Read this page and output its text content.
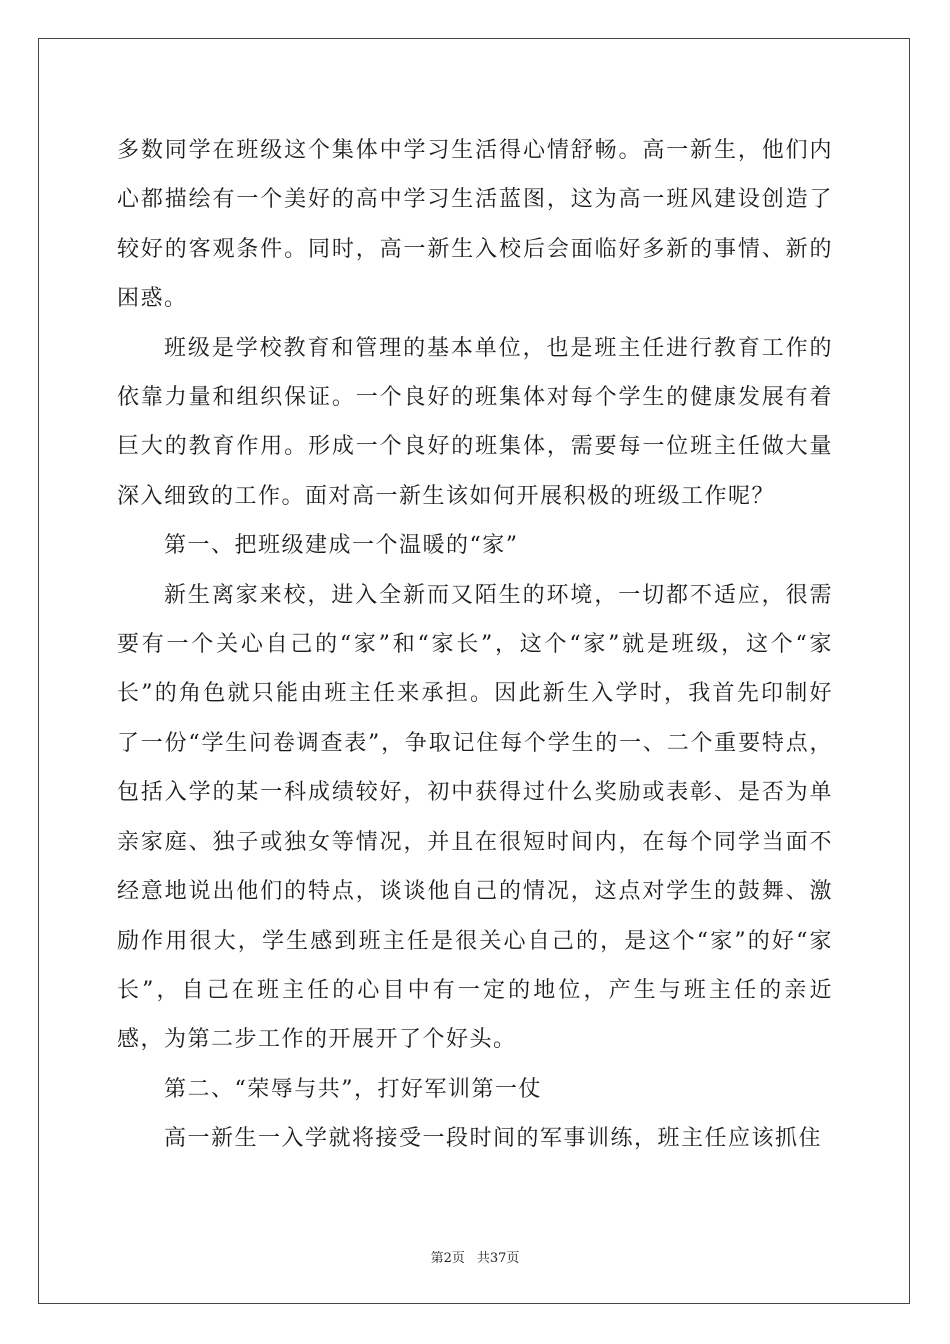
多数同学在班级这个集体中学习生活得心情舒畅。高一新生，他们内心都描绘有一个美好的高中学习生活蓝图，这为高一班风建设创造了较好的客观条件。同时，高一新生入校后会面临好多新的事情、新的困惑。

班级是学校教育和管理的基本单位，也是班主任进行教育工作的依靠力量和组织保证。一个良好的班集体对每个学生的健康发展有着巨大的教育作用。形成一个良好的班集体，需要每一位班主任做大量深入细致的工作。面对高一新生该如何开展积极的班级工作呢？

第一、把班级建成一个温暖的“家”

新生离家来校，进入全新而又陌生的环境，一切都不适应，很需要有一个关心自己的“家”和“家长”，这个“家”就是班级，这个“家长”的角色就只能由班主任来承担。因此新生入学时，我首先印制好了一份“学生问卷调查表”，争取记住每个学生的一、二个重要特点，包括入学的某一科成绩较好，初中获得过什么奖励或表彰、是否为单亲家庭、独子或独女等情况，并且在很短时间内，在每个同学当面不经意地说出他们的特点，谈谈他自己的情况，这点对学生的鼓舞、激励作用很大，学生感到班主任是很关心自己的，是这个“家”的好“家长”，自己在班主任的心目中有一定的地位，产生与班主任的亲近感，为第二步工作的开展开了个好头。

第二、“荣辱与共”，打好军训第一仗

高一新生一入学就将接受一段时间的军事训练，班主任应该抓住

第2页 共37页
